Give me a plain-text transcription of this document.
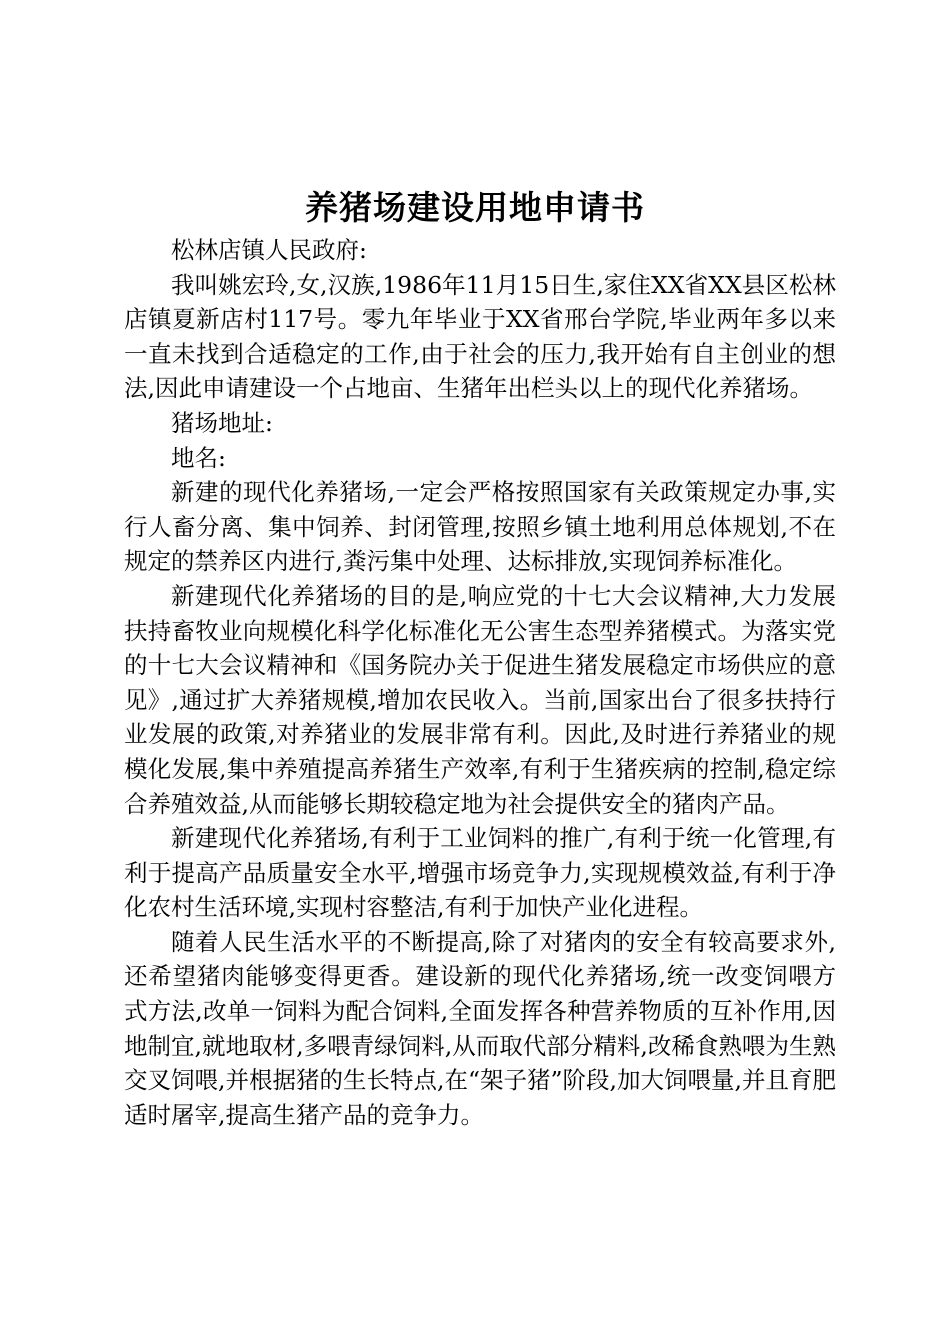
养猪场建设用地申请书

松林店镇人民政府:

我叫姚宏玲,女,汉族,1986年11月15日生,家住XX省XX县区松林店镇夏新店村117号。零九年毕业于XX省邢台学院,毕业两年多以来一直未找到合适稳定的工作,由于社会的压力,我开始有自主创业的想法,因此申请建设一个占地亩、生猪年出栏头以上的现代化养猪场。

猪场地址:

地名:

新建的现代化养猪场,一定会严格按照国家有关政策规定办事,实行人畜分离、集中饲养、封闭管理,按照乡镇土地利用总体规划,不在规定的禁养区内进行,粪污集中处理、达标排放,实现饲养标准化。

新建现代化养猪场的目的是,响应党的十七大会议精神,大力发展扶持畜牧业向规模化科学化标准化无公害生态型养猪模式。为落实党的十七大会议精神和《国务院办关于促进生猪发展稳定市场供应的意见》,通过扩大养猪规模,增加农民收入。当前,国家出台了很多扶持行业发展的政策,对养猪业的发展非常有利。因此,及时进行养猪业的规模化发展,集中养殖提高养猪生产效率,有利于生猪疾病的控制,稳定综合养殖效益,从而能够长期较稳定地为社会提供安全的猪肉产品。

新建现代化养猪场,有利于工业饲料的推广,有利于统一化管理,有利于提高产品质量安全水平,增强市场竞争力,实现规模效益,有利于净化农村生活环境,实现村容整洁,有利于加快产业化进程。

随着人民生活水平的不断提高,除了对猪肉的安全有较高要求外,还希望猪肉能够变得更香。建设新的现代化养猪场,统一改变饲喂方式方法,改单一饲料为配合饲料,全面发挥各种营养物质的互补作用,因地制宜,就地取材,多喂青绿饲料,从而取代部分精料,改稀食熟喂为生熟交叉饲喂,并根据猪的生长特点,在“架子猪”阶段,加大饲喂量,并且育肥适时屠宰,提高生猪产品的竞争力。
